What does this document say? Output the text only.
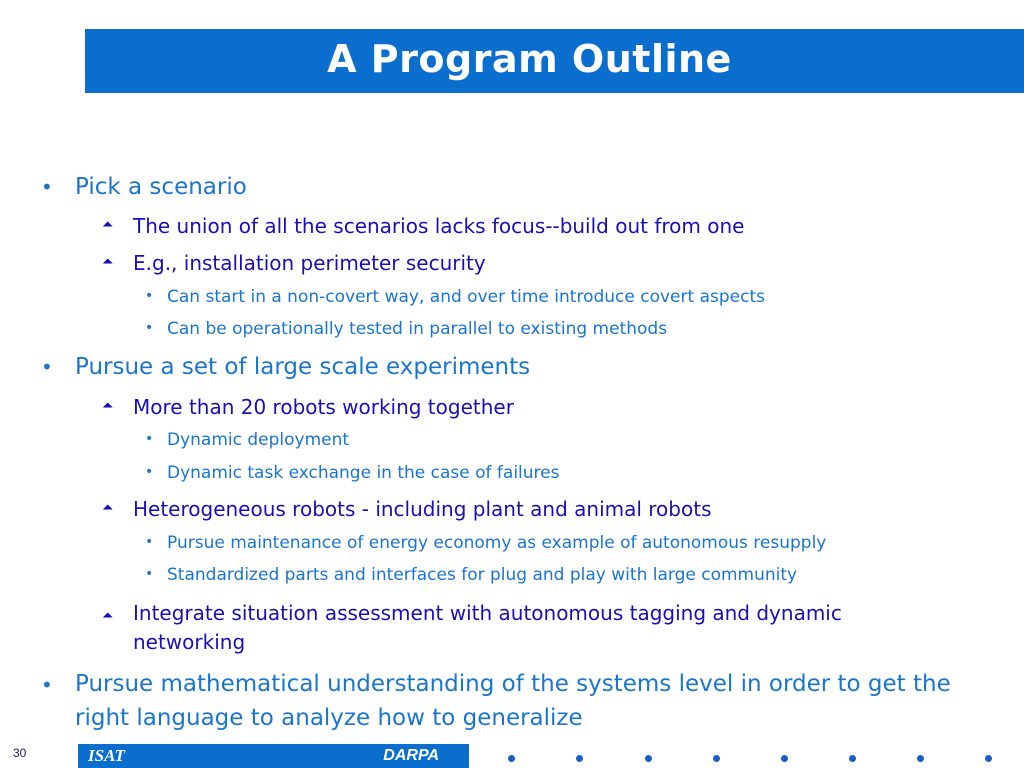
A Program Outline
• Pick a scenario
⏶ The union of all the scenarios lacks focus--build out from one
⏶ E.g., installation perimeter security
• Can start in a non-covert way, and over time introduce covert aspects
• Can be operationally tested in parallel to existing methods
• Pursue a set of large scale experiments
⏶ More than 20 robots working together
• Dynamic deployment
• Dynamic task exchange in the case of failures
⏶ Heterogeneous robots - including plant and animal robots
• Pursue maintenance of energy economy as example of autonomous resupply
• Standardized parts and interfaces for plug and play with large community
⏶ Integrate situation assessment with autonomous tagging and dynamic networking
• Pursue mathematical understanding of the systems level in order to get the right language to analyze how to generalize
30	ISAT	DARPA
